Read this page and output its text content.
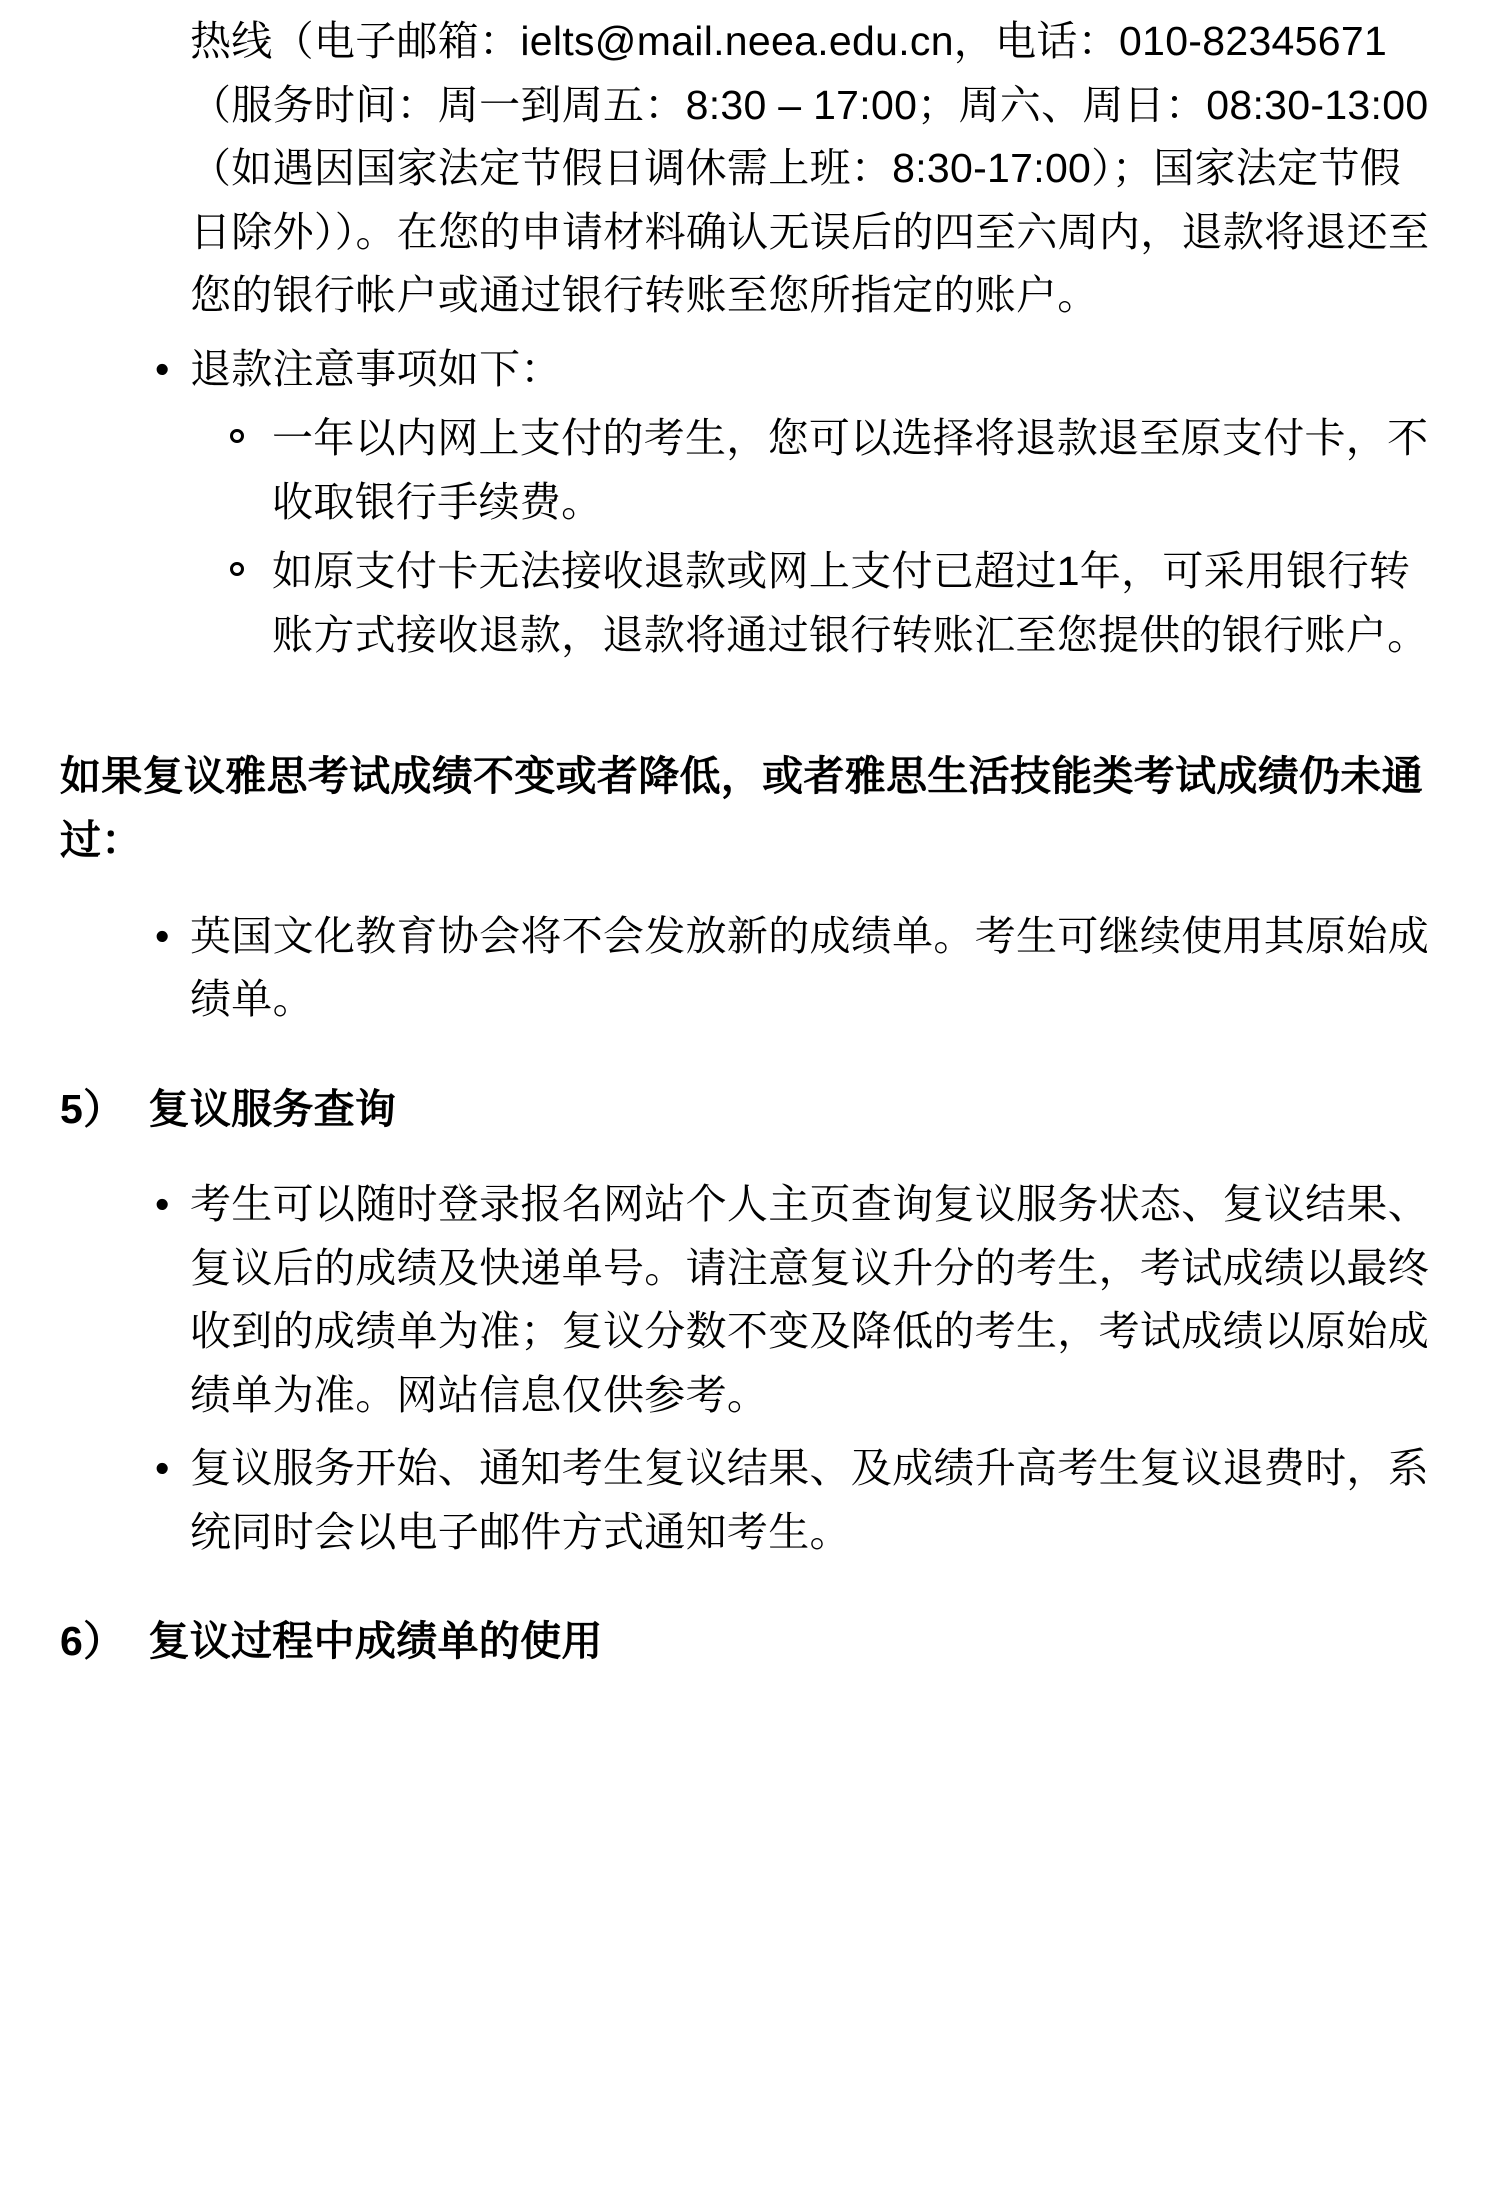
热线（电子邮箱：ielts@mail.neea.edu.cn，电话：010-82345671（服务时间：周一到周五：8:30 – 17:00；周六、周日：08:30-13:00（如遇因国家法定节假日调休需上班：8:30-17:00）；国家法定节假日除外））。在您的申请材料确认无误后的四至六周内，退款将退还至您的银行帐户或通过银行转账至您所指定的账户。

• 退款注意事项如下：
一年以内网上支付的考生，您可以选择将退款退至原支付卡，不收取银行手续费。
如原支付卡无法接收退款或网上支付已超过1年，可采用银行转账方式接收退款，退款将通过银行转账汇至您提供的银行账户。

如果复议雅思考试成绩不变或者降低，或者雅思生活技能类考试成绩仍未通过：

• 英国文化教育协会将不会发放新的成绩单。考生可继续使用其原始成绩单。

5） 复议服务查询

• 考生可以随时登录报名网站个人主页查询复议服务状态、复议结果、复议后的成绩及快递单号。请注意复议升分的考生，考试成绩以最终收到的成绩单为准；复议分数不变及降低的考生，考试成绩以原始成绩单为准。网站信息仅供参考。
• 复议服务开始、通知考生复议结果、及成绩升高考生复议退费时，系统同时会以电子邮件方式通知考生。

6） 复议过程中成绩单的使用
